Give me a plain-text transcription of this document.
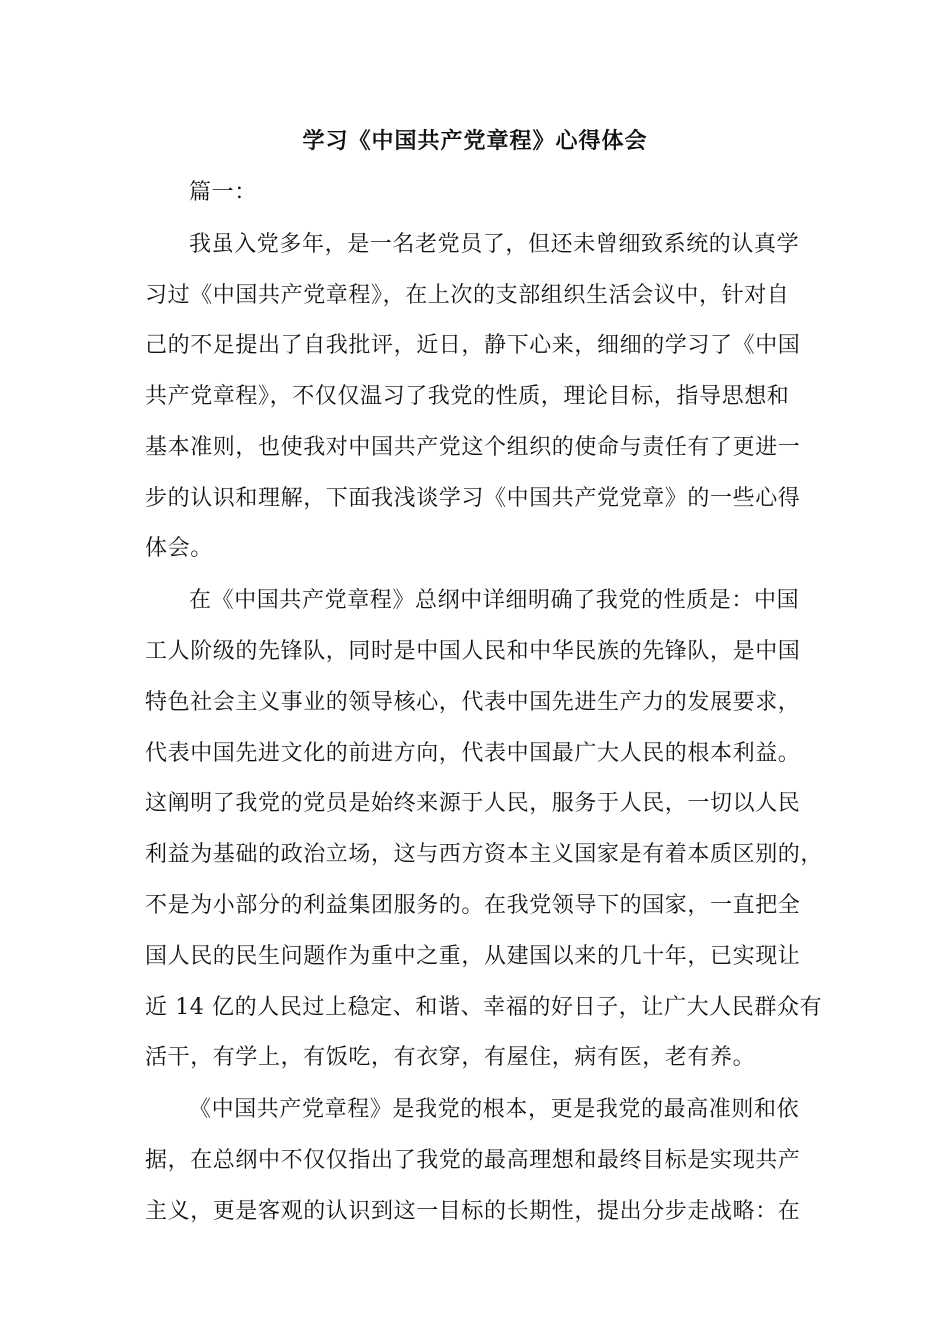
学习《中国共产党章程》心得体会
篇一：
我虽入党多年，是一名老党员了，但还未曾细致系统的认真学
习过《中国共产党章程》，在上次的支部组织生活会议中，针对自
己的不足提出了自我批评，近日，静下心来，细细的学习了《中国
共产党章程》，不仅仅温习了我党的性质，理论目标，指导思想和
基本准则，也使我对中国共产党这个组织的使命与责任有了更进一
步的认识和理解，下面我浅谈学习《中国共产党党章》的一些心得
体会。
在《中国共产党章程》总纲中详细明确了我党的性质是：中国
工人阶级的先锋队，同时是中国人民和中华民族的先锋队，是中国
特色社会主义事业的领导核心，代表中国先进生产力的发展要求，
代表中国先进文化的前进方向，代表中国最广大人民的根本利益。
这阐明了我党的党员是始终来源于人民，服务于人民，一切以人民
利益为基础的政治立场，这与西方资本主义国家是有着本质区别的，
不是为小部分的利益集团服务的。在我党领导下的国家，一直把全
国人民的民生问题作为重中之重，从建国以来的几十年，已实现让
近 14 亿的人民过上稳定、和谐、幸福的好日子，让广大人民群众有
活干，有学上，有饭吃，有衣穿，有屋住，病有医，老有养。
《中国共产党章程》是我党的根本，更是我党的最高准则和依
据，在总纲中不仅仅指出了我党的最高理想和最终目标是实现共产
主义，更是客观的认识到这一目标的长期性，提出分步走战略：在
